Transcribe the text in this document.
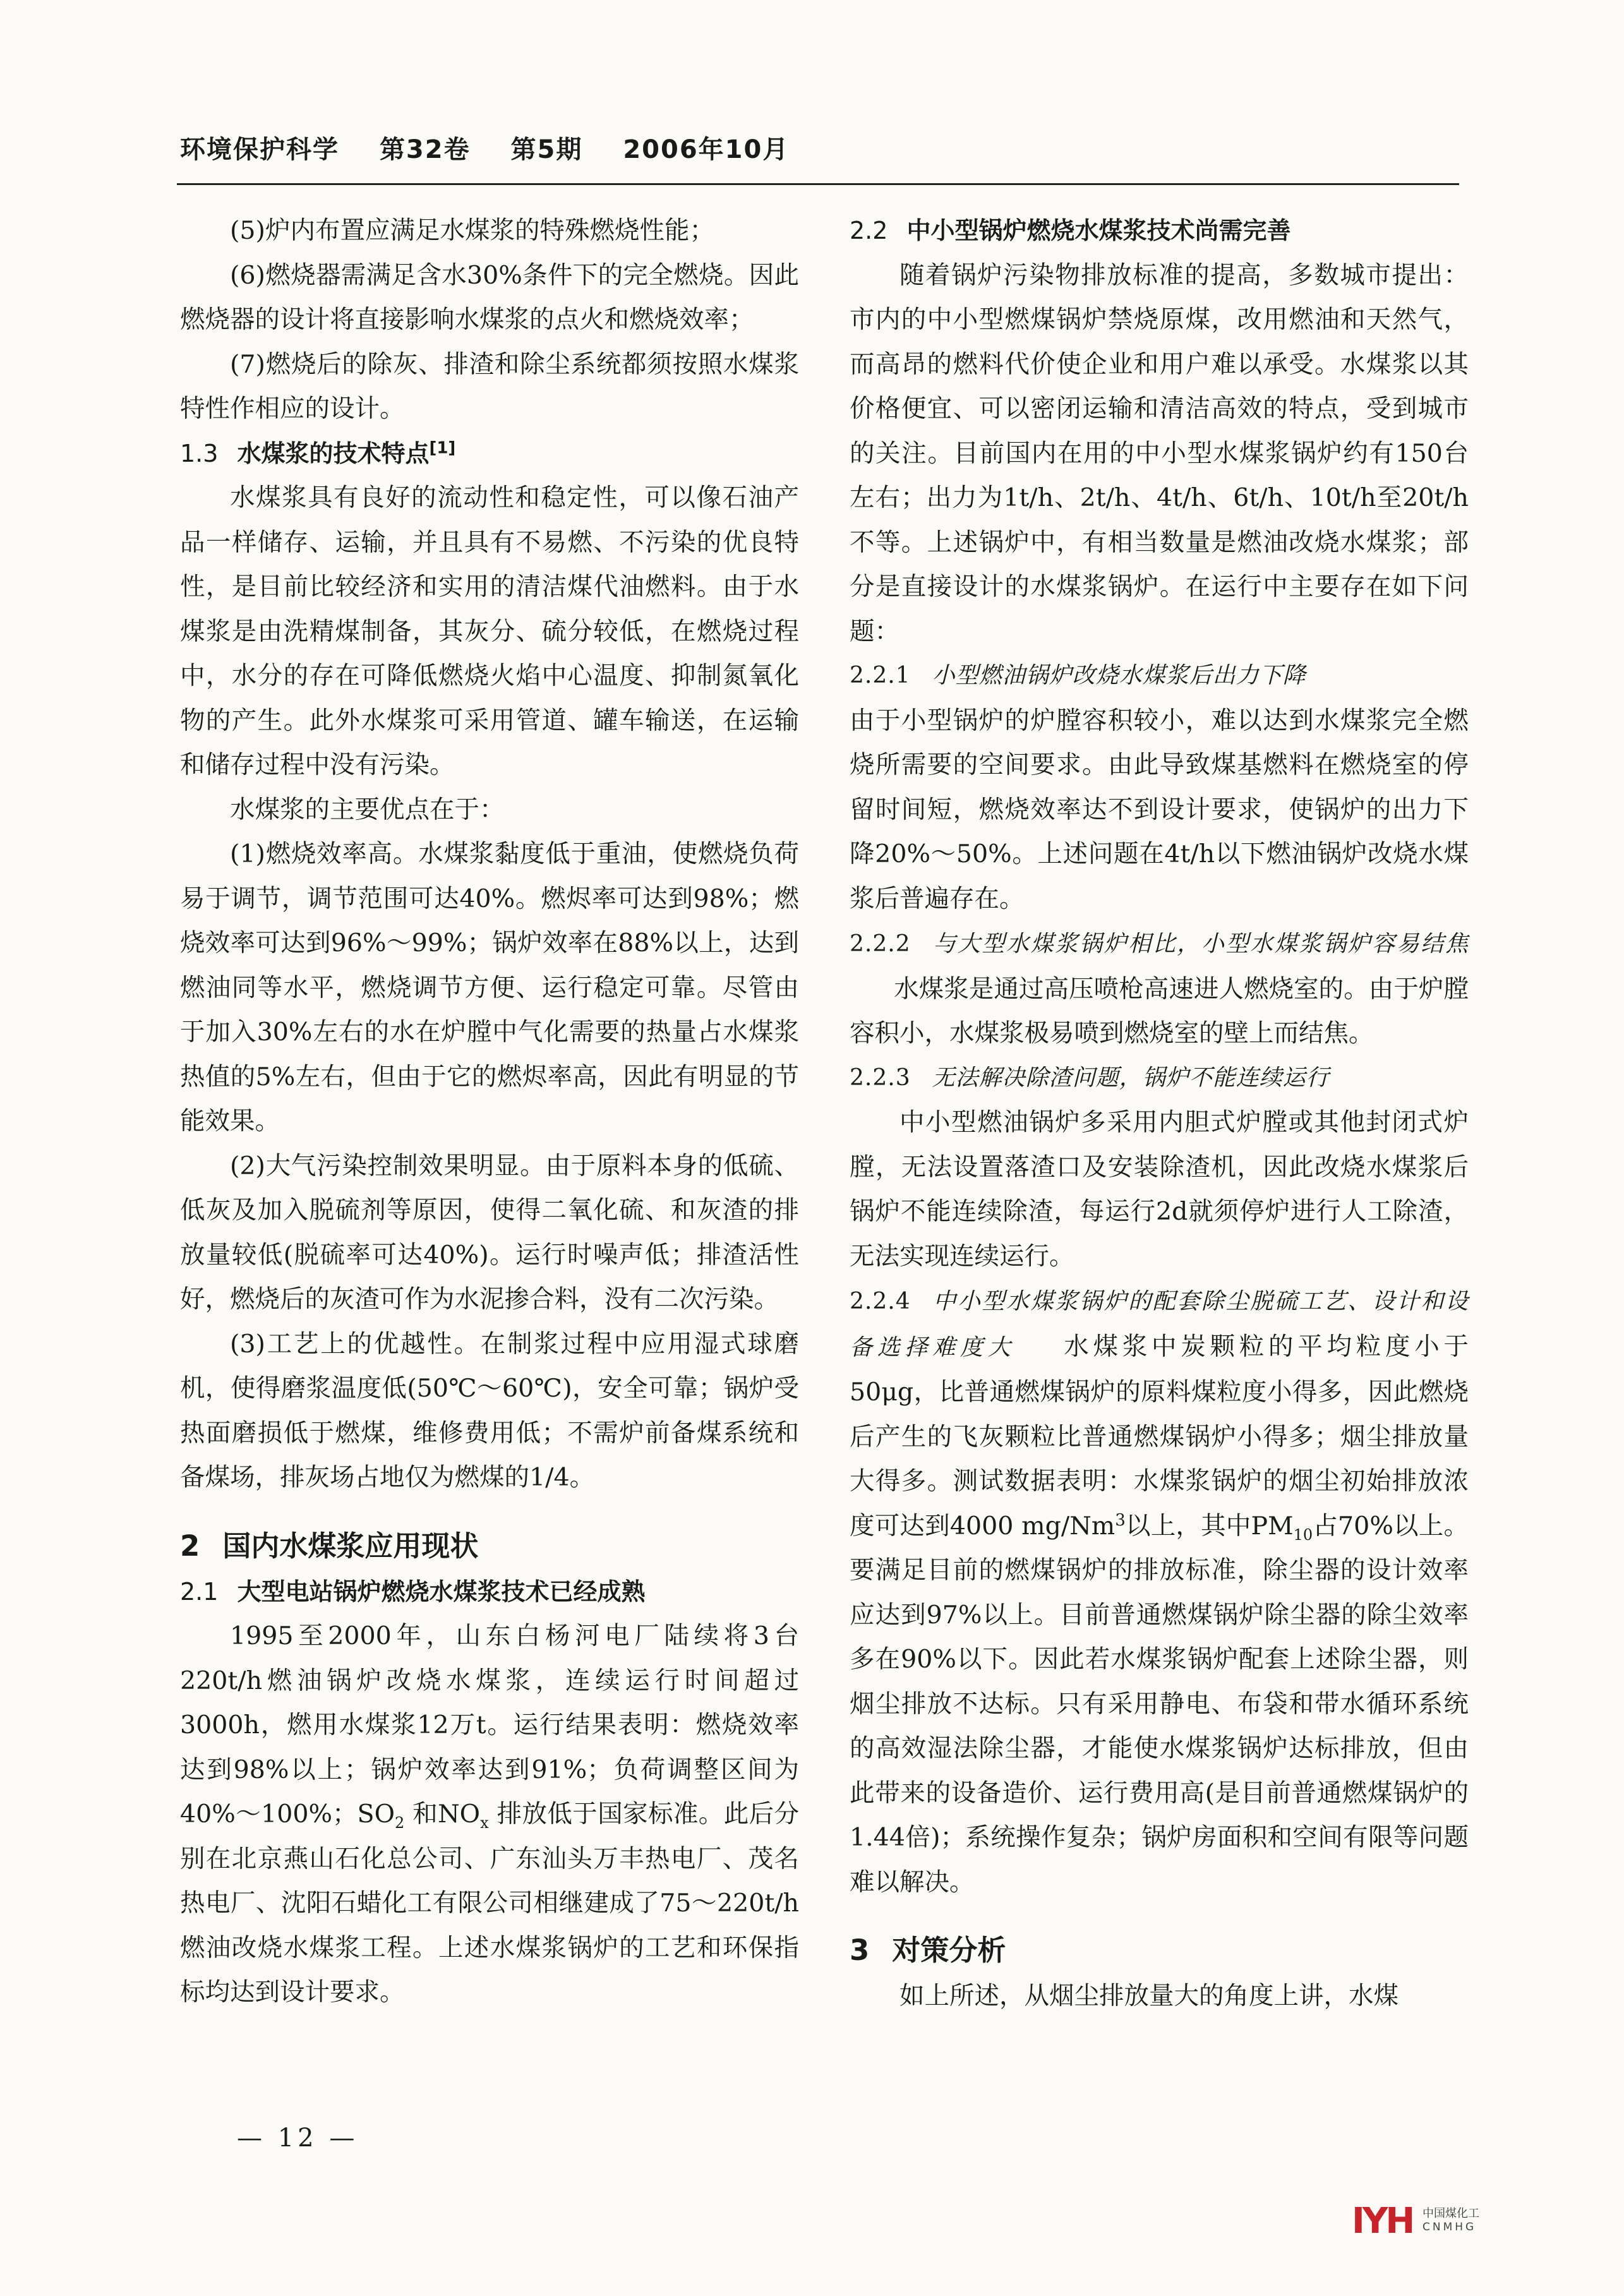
环境保护科学 第32卷 第5期 2006年10月

(5)炉内布置应满足水煤浆的特殊燃烧性能；

(6)燃烧器需满足含水30%条件下的完全燃烧。因此燃烧器的设计将直接影响水煤浆的点火和燃烧效率；

(7)燃烧后的除灰、排渣和除尘系统都须按照水煤浆特性作相应的设计。

1.3 水煤浆的技术特点[1]

水煤浆具有良好的流动性和稳定性，可以像石油产品一样储存、运输，并且具有不易燃、不污染的优良特性，是目前比较经济和实用的清洁煤代油燃料。由于水煤浆是由洗精煤制备，其灰分、硫分较低，在燃烧过程中，水分的存在可降低燃烧火焰中心温度、抑制氮氧化物的产生。此外水煤浆可采用管道、罐车输送，在运输和储存过程中没有污染。

水煤浆的主要优点在于：

(1)燃烧效率高。水煤浆黏度低于重油，使燃烧负荷易于调节，调节范围可达40%。燃烬率可达到98%；燃烧效率可达到96%～99%；锅炉效率在88%以上，达到燃油同等水平，燃烧调节方便、运行稳定可靠。尽管由于加入30%左右的水在炉膛中气化需要的热量占水煤浆热值的5%左右，但由于它的燃烬率高，因此有明显的节能效果。

(2)大气污染控制效果明显。由于原料本身的低硫、低灰及加入脱硫剂等原因，使得二氧化硫、和灰渣的排放量较低(脱硫率可达40%)。运行时噪声低；排渣活性好，燃烧后的灰渣可作为水泥掺合料，没有二次污染。

(3)工艺上的优越性。在制浆过程中应用湿式球磨机，使得磨浆温度低(50℃～60℃)，安全可靠；锅炉受热面磨损低于燃煤，维修费用低；不需炉前备煤系统和备煤场，排灰场占地仅为燃煤的1/4。

2 国内水煤浆应用现状

2.1 大型电站锅炉燃烧水煤浆技术已经成熟

1995至2000年，山东白杨河电厂陆续将3台220t/h燃油锅炉改烧水煤浆，连续运行时间超过3000h，燃用水煤浆12万t。运行结果表明：燃烧效率达到98%以上；锅炉效率达到91%；负荷调整区间为40%～100%；$SO_2$ 和$NO_x$ 排放低于国家标准。此后分别在北京燕山石化总公司、广东汕头万丰热电厂、茂名热电厂、沈阳石蜡化工有限公司相继建成了75～220t/h燃油改烧水煤浆工程。上述水煤浆锅炉的工艺和环保指标均达到设计要求。

2.2 中小型锅炉燃烧水煤浆技术尚需完善

随着锅炉污染物排放标准的提高，多数城市提出：市内的中小型燃煤锅炉禁烧原煤，改用燃油和天然气，而高昂的燃料代价使企业和用户难以承受。水煤浆以其价格便宜、可以密闭运输和清洁高效的特点，受到城市的关注。目前国内在用的中小型水煤浆锅炉约有150台左右；出力为1t/h、2t/h、4t/h、6t/h、10t/h至20t/h不等。上述锅炉中，有相当数量是燃油改烧水煤浆；部分是直接设计的水煤浆锅炉。在运行中主要存在如下问题：

2.2.1 小型燃油锅炉改烧水煤浆后出力下降

由于小型锅炉的炉膛容积较小，难以达到水煤浆完全燃烧所需要的空间要求。由此导致煤基燃料在燃烧室的停留时间短，燃烧效率达不到设计要求，使锅炉的出力下降20%～50%。上述问题在4t/h以下燃油锅炉改烧水煤浆后普遍存在。

2.2.2 与大型水煤浆锅炉相比，小型水煤浆锅炉容易结焦水煤浆是通过高压喷枪高速进人燃烧室的。由于炉膛容积小，水煤浆极易喷到燃烧室的壁上而结焦。

2.2.3 无法解决除渣问题，锅炉不能连续运行

中小型燃油锅炉多采用内胆式炉膛或其他封闭式炉膛，无法设置落渣口及安装除渣机，因此改烧水煤浆后锅炉不能连续除渣，每运行2d就须停炉进行人工除渣，无法实现连续运行。

2.2.4 中小型水煤浆锅炉的配套除尘脱硫工艺、设计和设备选择难度大 水煤浆中炭颗粒的平均粒度小于50μg，比普通燃煤锅炉的原料煤粒度小得多，因此燃烧后产生的飞灰颗粒比普通燃煤锅炉小得多；烟尘排放量大得多。测试数据表明：水煤浆锅炉的烟尘初始排放浓度可达到4000 mg/Nm$^3$以上，其中$PM_{10}$占70%以上。要满足目前的燃煤锅炉的排放标准，除尘器的设计效率应达到97%以上。目前普通燃煤锅炉除尘器的除尘效率多在90%以下。因此若水煤浆锅炉配套上述除尘器，则烟尘排放不达标。只有采用静电、布袋和带水循环系统的高效湿法除尘器，才能使水煤浆锅炉达标排放，但由此带来的设备造价、运行费用高(是目前普通燃煤锅炉的1.44倍)；系统操作复杂；锅炉房面积和空间有限等问题难以解决。

3 对策分析

如上所述，从烟尘排放量大的角度上讲，水煤

— 12 —
IYH 中国煤化工
CNMHG
